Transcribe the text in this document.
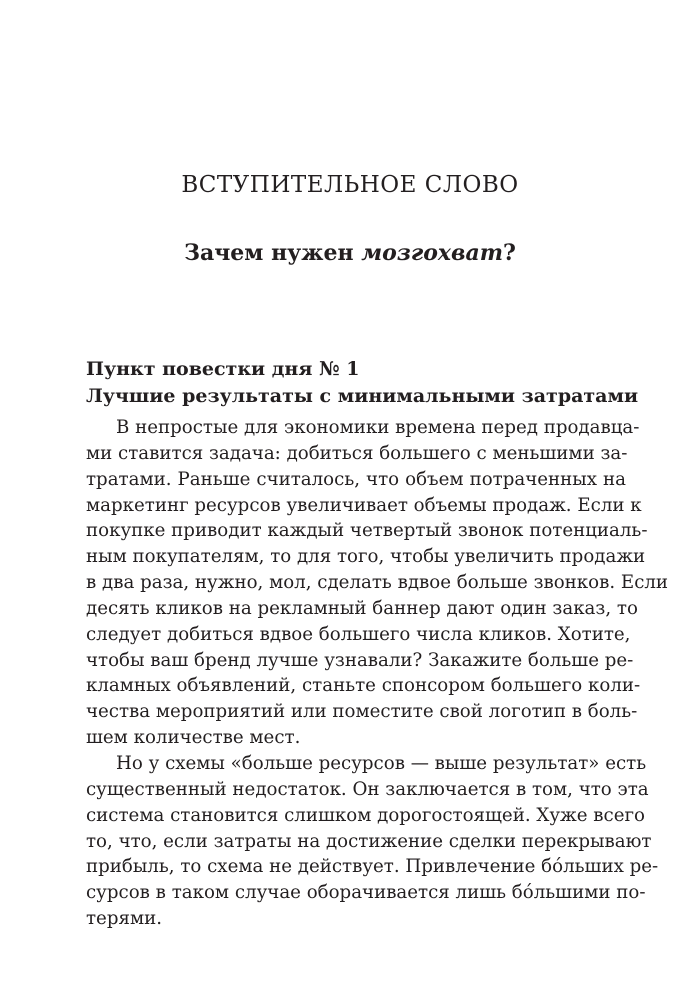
ВСТУПИТЕЛЬНОЕ СЛОВО
Зачем нужен мозгохват?
Пункт повестки дня № 1
Лучшие результаты с минимальными затратами
В непростые для экономики времена перед продавца-
ми ставится задача: добиться большего с меньшими за-
тратами. Раньше считалось, что объем потраченных на
маркетинг ресурсов увеличивает объемы продаж. Если к
покупке приводит каждый четвертый звонок потенциаль-
ным покупателям, то для того, чтобы увеличить продажи
в два раза, нужно, мол, сделать вдвое больше звонков. Если
десять кликов на рекламный баннер дают один заказ, то
следует добиться вдвое большего числа кликов. Хотите,
чтобы ваш бренд лучше узнавали? Закажите больше ре-
кламных объявлений, станьте спонсором большего коли-
чества мероприятий или поместите свой логотип в боль-
шем количестве мест.
Но у схемы «больше ресурсов — выше результат» есть
существенный недостаток. Он заключается в том, что эта
система становится слишком дорогостоящей. Хуже всего
то, что, если затраты на достижение сделки перекрывают
прибыль, то схема не действует. Привлечение бóльших ре-
сурсов в таком случае оборачивается лишь бóльшими по-
терями.
